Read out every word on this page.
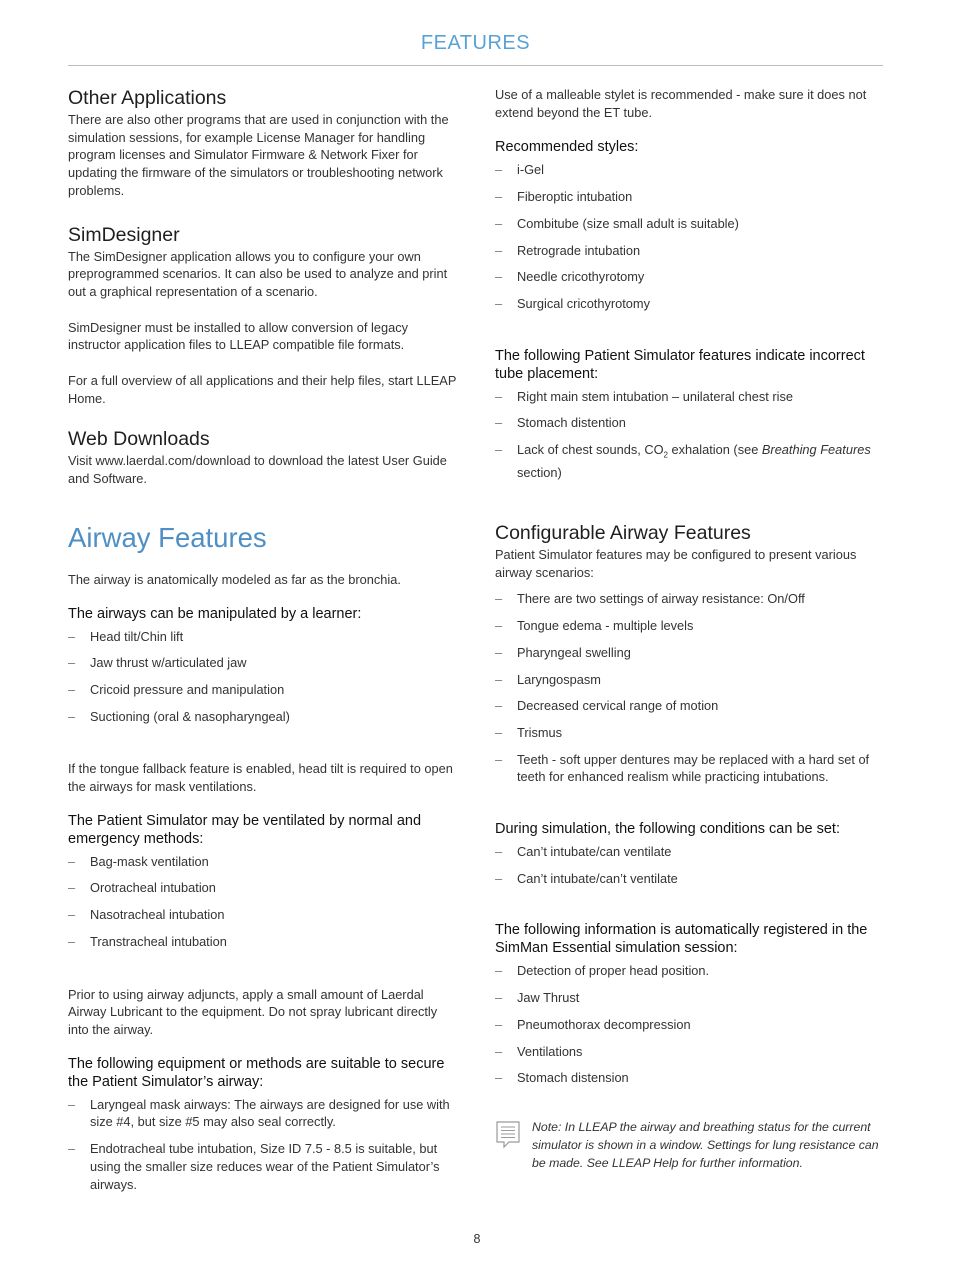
FEATURES
Other Applications

There are also other programs that are used in conjunction with the simulation sessions, for example License Manager for handling program licenses and Simulator Firmware & Network Fixer for updating the firmware of the simulators or troubleshooting network problems.

SimDesigner

The SimDesigner application allows you to configure your own preprogrammed scenarios. It can also be used to analyze and print out a graphical representation of a scenario.

SimDesigner must be installed to allow conversion of legacy instructor application files to LLEAP compatible file formats.

For a full overview of all applications and their help files, start LLEAP Home.

Web Downloads

Visit www.laerdal.com/download to download the latest User Guide and Software.

Airway Features

The airway is anatomically modeled as far as the bronchia.

The airways can be manipulated by a learner:
– Head tilt/Chin lift
– Jaw thrust w/articulated jaw
– Cricoid pressure and manipulation
– Suctioning (oral & nasopharyngeal)

If the tongue fallback feature is enabled, head tilt is required to open the airways for mask ventilations.

The Patient Simulator may be ventilated by normal and emergency methods:
– Bag-mask ventilation
– Orotracheal intubation
– Nasotracheal intubation
– Transtracheal intubation

Prior to using airway adjuncts, apply a small amount of Laerdal Airway Lubricant to the equipment. Do not spray lubricant directly into the airway.

The following equipment or methods are suitable to secure the Patient Simulator’s airway:
– Laryngeal mask airways: The airways are designed for use with size #4, but size #5 may also seal correctly.
– Endotracheal tube intubation, Size ID 7.5 - 8.5 is suitable, but using the smaller size reduces wear of the Patient Simulator’s airways.

Use of a malleable stylet is recommended - make sure it does not extend beyond the ET tube.

Recommended styles:
– i-Gel
– Fiberoptic intubation
– Combitube (size small adult is suitable)
– Retrograde intubation
– Needle cricothyrotomy
– Surgical cricothyrotomy
The following Patient Simulator features indicate incorrect tube placement:
– Right main stem intubation – unilateral chest rise
– Stomach distention
– Lack of chest sounds, $CO_2$ exhalation (see Breathing Features section)
Configurable Airway Features

Patient Simulator features may be configured to present various airway scenarios:

– There are two settings of airway resistance: On/Off
– Tongue edema - multiple levels
– Pharyngeal swelling
– Laryngospasm
– Decreased cervical range of motion
– Trismus
– Teeth - soft upper dentures may be replaced with a hard set of teeth for enhanced realism while practicing intubations.
During simulation, the following conditions can be set:
– Can’t intubate/can ventilate
– Can’t intubate/can’t ventilate
The following information is automatically registered in the SimMan Essential simulation session:
– Detection of proper head position.
– Jaw Thrust
– Pneumothorax decompression
– Ventilations
– Stomach distension

Note: In LLEAP the airway and breathing status for the current simulator is shown in a window. Settings for lung resistance can be made. See LLEAP Help for further information.

8
